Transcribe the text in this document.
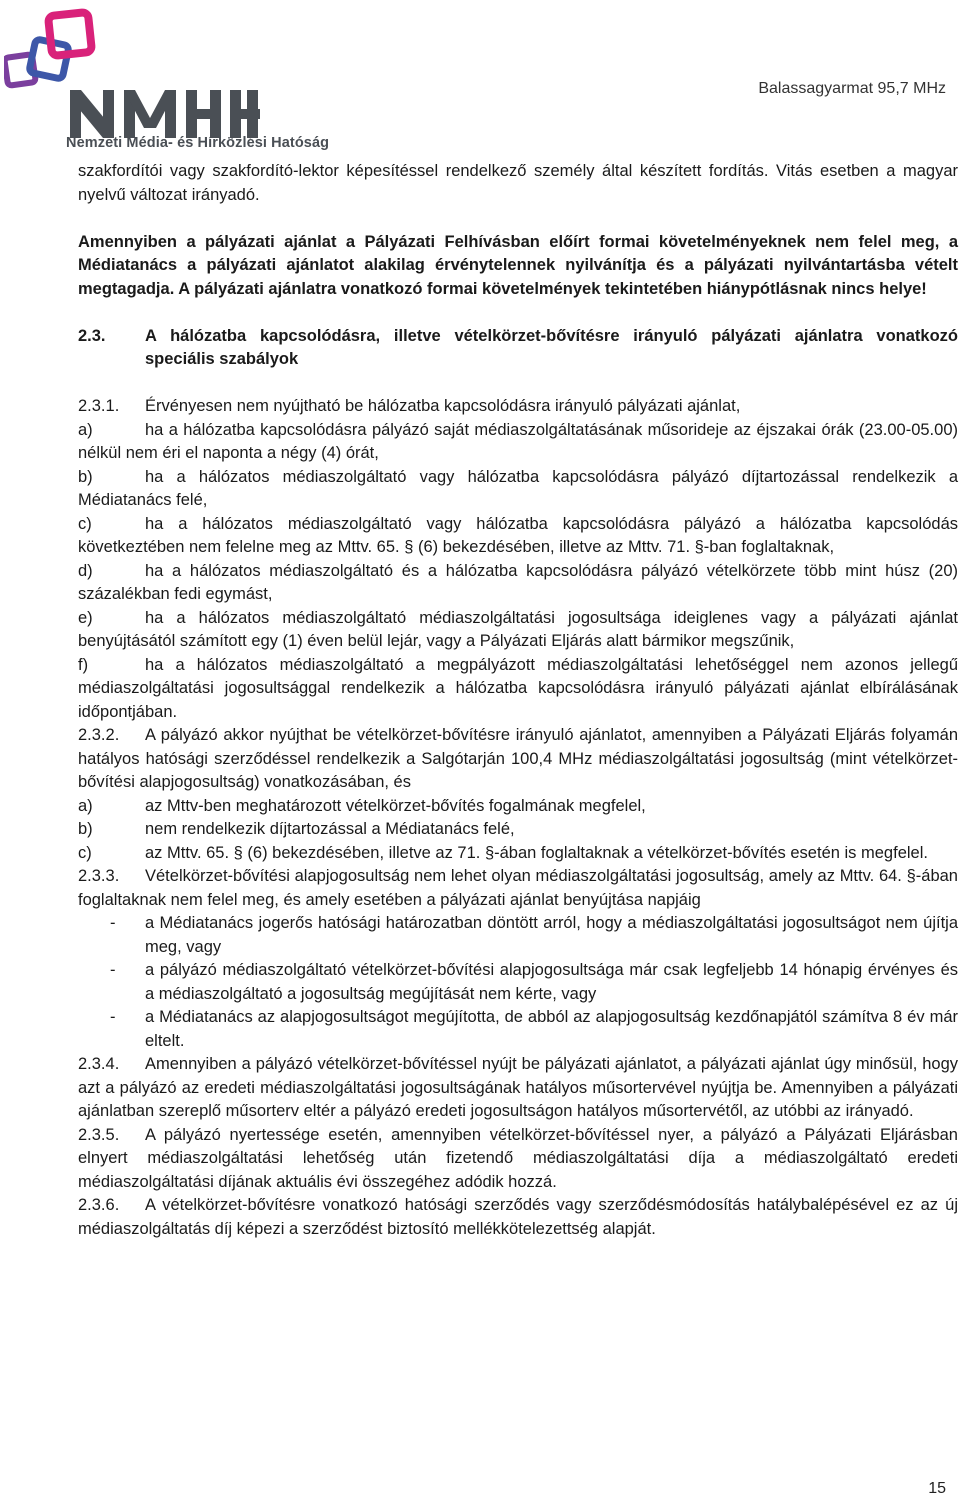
Nemzeti Média- és Hírközlési Hatóság
Balassagyarmat 95,7 MHz

szakfordítói vagy szakfordító-lektor képesítéssel rendelkező személy által készített fordítás. Vitás esetben a magyar nyelvű változat irányadó.

Amennyiben a pályázati ajánlat a Pályázati Felhívásban előírt formai követelményeknek nem felel meg, a Médiatanács a pályázati ajánlatot alakilag érvénytelennek nyilvánítja és a pályázati nyilvántartásba vételt megtagadja. A pályázati ajánlatra vonatkozó formai követelmények tekintetében hiánypótlásnak nincs helye!

2.3.	A hálózatba kapcsolódásra, illetve vételkörzet-bővítésre irányuló pályázati ajánlatra vonatkozó speciális szabályok
2.3.1. Érvényesen nem nyújtható be hálózatba kapcsolódásra irányuló pályázati ajánlat,
a)	ha a hálózatba kapcsolódásra pályázó saját médiaszolgáltatásának műsorideje az éjszakai órák (23.00-05.00) nélkül nem éri el naponta a négy (4) órát,
b)	ha a hálózatos médiaszolgáltató vagy hálózatba kapcsolódásra pályázó díjtartozással rendelkezik a Médiatanács felé,
c)	ha a hálózatos médiaszolgáltató vagy hálózatba kapcsolódásra pályázó a hálózatba kapcsolódás következtében nem felelne meg az Mttv. 65. § (6) bekezdésében, illetve az Mttv. 71. §-ban foglaltaknak,
d)	ha a hálózatos médiaszolgáltató és a hálózatba kapcsolódásra pályázó vételkörzete több mint húsz (20) százalékban fedi egymást,
e)	ha a hálózatos médiaszolgáltató médiaszolgáltatási jogosultsága ideiglenes vagy a pályázati ajánlat benyújtásától számított egy (1) éven belül lejár, vagy a Pályázati Eljárás alatt bármikor megszűnik,
f)	ha a hálózatos médiaszolgáltató a megpályázott médiaszolgáltatási lehetőséggel nem azonos jellegű médiaszolgáltatási jogosultsággal rendelkezik a hálózatba kapcsolódásra irányuló pályázati ajánlat elbírálásának időpontjában.
2.3.2. A pályázó akkor nyújthat be vételkörzet-bővítésre irányuló ajánlatot, amennyiben a Pályázati Eljárás folyamán hatályos hatósági szerződéssel rendelkezik a Salgótarján 100,4 MHz médiaszolgáltatási jogosultság (mint vételkörzet-bővítési alapjogosultság) vonatkozásában, és
a)	az Mttv-ben meghatározott vételkörzet-bővítés fogalmának megfelel,
b)	nem rendelkezik díjtartozással a Médiatanács felé,
c)	az Mttv. 65. § (6) bekezdésében, illetve az 71. §-ában foglaltaknak a vételkörzet-bővítés esetén is megfelel.
2.3.3. Vételkörzet-bővítési alapjogosultság nem lehet olyan médiaszolgáltatási jogosultság, amely az Mttv. 64. §-ában foglaltaknak nem felel meg, és amely esetében a pályázati ajánlat benyújtása napjáig
-	a Médiatanács jogerős hatósági határozatban döntött arról, hogy a médiaszolgáltatási jogosultságot nem újítja meg, vagy
-	a pályázó médiaszolgáltató vételkörzet-bővítési alapjogosultsága már csak legfeljebb 14 hónapig érvényes és a médiaszolgáltató a jogosultság megújítását nem kérte, vagy
-	a Médiatanács az alapjogosultságot megújította, de abból az alapjogosultság kezdőnapjától számítva 8 év már eltelt.
2.3.4. Amennyiben a pályázó vételkörzet-bővítéssel nyújt be pályázati ajánlatot, a pályázati ajánlat úgy minősül, hogy azt a pályázó az eredeti médiaszolgáltatási jogosultságának hatályos műsortervével nyújtja be. Amennyiben a pályázati ajánlatban szereplő műsorterv eltér a pályázó eredeti jogosultságon hatályos műsortervétől, az utóbbi az irányadó.
2.3.5. A pályázó nyertessége esetén, amennyiben vételkörzet-bővítéssel nyer, a pályázó a Pályázati Eljárásban elnyert médiaszolgáltatási lehetőség után fizetendő médiaszolgáltatási díja a médiaszolgáltató eredeti médiaszolgáltatási díjának aktuális évi összegéhez adódik hozzá.
2.3.6. A vételkörzet-bővítésre vonatkozó hatósági szerződés vagy szerződésmódosítás hatálybalépésével ez az új médiaszolgáltatás díj képezi a szerződést biztosító mellékkötelezettség alapját.
15
